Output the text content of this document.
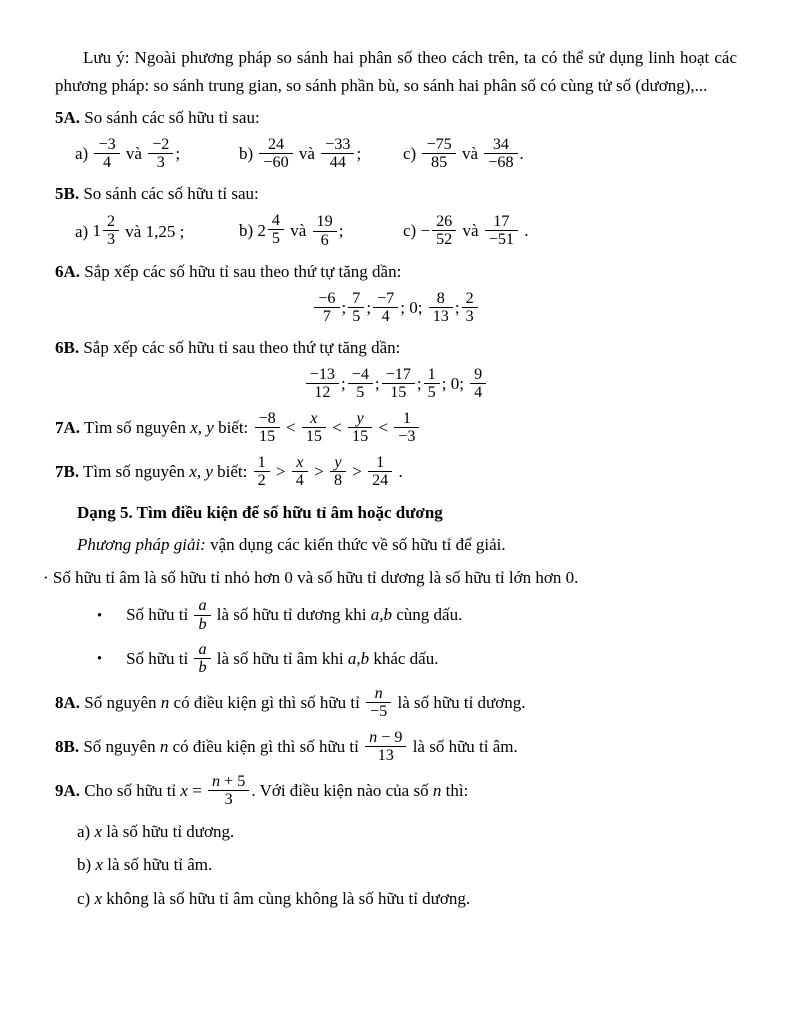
Lưu ý: Ngoài phương pháp so sánh hai phân số theo cách trên, ta có thể sử dụng linh hoạt các phương pháp: so sánh trung gian, so sánh phần bù, so sánh hai phân số có cùng tử số (dương),...

5A. So sánh các số hữu tỉ sau:

$a) \frac{-3}{4}$ và $\frac{-2}{3}$ ;	$b) \frac{24}{-60}$ và $\frac{-33}{44}$ ;	$c) \frac{-75}{85}$ và $\frac{34}{-68}$ .

5B. So sánh các số hữu tỉ sau:

a) $1 \frac{2}{3}$ và 1,25 ;	b) $2 \frac{4}{5}$ và $\frac{19}{6}$ ;	$c) - \frac{26}{52}$ và $\frac{17}{-51}$ .

6A. Sắp xếp các số hữu tỉ sau theo thứ tự tăng dần:

$\frac{-6}{7}$ ; $\frac{7}{5}$ ; $\frac{-7}{4}$ ; 0; $\frac{8}{13}$ ; $\frac{2}{3}$

6B. Sắp xếp các số hữu tỉ sau theo thứ tự tăng dần:

$\frac{-13}{12}$ ; $\frac{-4}{5}$ ; $\frac{-17}{15}$ ; $\frac{1}{5}$ ; 0; $\frac{9}{4}$

7A. Tìm số nguyên x, y biết: $\frac{-8}{15} < \frac{x}{15} < \frac{y}{15} < \frac{1}{-3}$

7B. Tìm số nguyên x, y biết: $\frac{1}{2} > \frac{x}{4} > \frac{y}{8} > \frac{1}{24}$ .

Dạng 5. Tìm điều kiện để số hữu tỉ âm hoặc dương

Phương pháp giải: vận dụng các kiến thức về số hữu tỉ để giải.

· Số hữu tỉ âm là số hữu tỉ nhỏ hơn 0 và số hữu tỉ dương là số hữu tỉ lớn hơn 0.

• Số hữu tỉ $\frac{a}{b}$ là số hữu tỉ dương khi a,b cùng dấu.
• Số hữu tỉ $\frac{a}{b}$ là số hữu tỉ âm khi a,b khác dấu.

8A. Số nguyên n có điều kiện gì thì số hữu tỉ $\frac{n}{-5}$ là số hữu tỉ dương.

8B. Số nguyên n có điều kiện gì thì số hữu tỉ $\frac{n - 9}{13}$ là số hữu tỉ âm.

9A. Cho số hữu tỉ $x = \frac{n + 5}{3}$ . Với điều kiện nào của số n thì:

a) x là số hữu tỉ dương.

b) x là số hữu tỉ âm.

c) x không là số hữu tỉ âm cùng không là số hữu tỉ dương.
